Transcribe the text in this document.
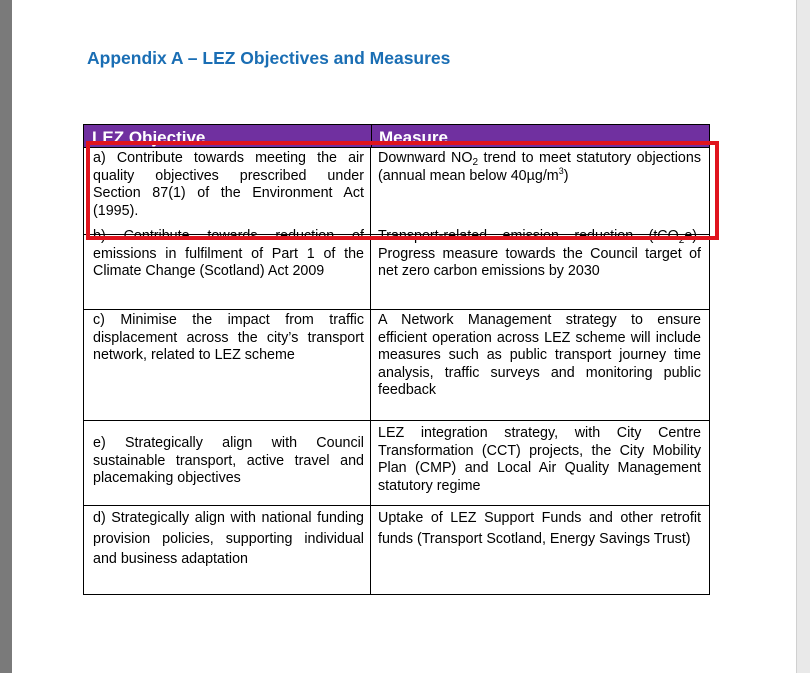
Appendix A – LEZ Objectives and Measures
LEZ Objective	Measure
a) Contribute towards meeting the air quality objectives prescribed under Section 87(1) of the Environment Act (1995).
Downward $NO_2$ trend to meet statutory objections (annual mean below $40\mu g/m^3$)
b) Contribute towards reduction of emissions in fulfilment of Part 1 of the Climate Change (Scotland) Act 2009
Transport-related emission reduction (tCO$_2$e). Progress measure towards the Council target of net zero carbon emissions by 2030
c) Minimise the impact from traffic displacement across the city’s transport network, related to LEZ scheme
A Network Management strategy to ensure efficient operation across LEZ scheme will include measures such as public transport journey time analysis, traffic surveys and monitoring public feedback
e) Strategically align with Council sustainable transport, active travel and placemaking objectives
LEZ integration strategy, with City Centre Transformation (CCT) projects, the City Mobility Plan (CMP) and Local Air Quality Management statutory regime
d) Strategically align with national funding provision policies, supporting individual and business adaptation
Uptake of LEZ Support Funds and other retrofit funds (Transport Scotland, Energy Savings Trust)
